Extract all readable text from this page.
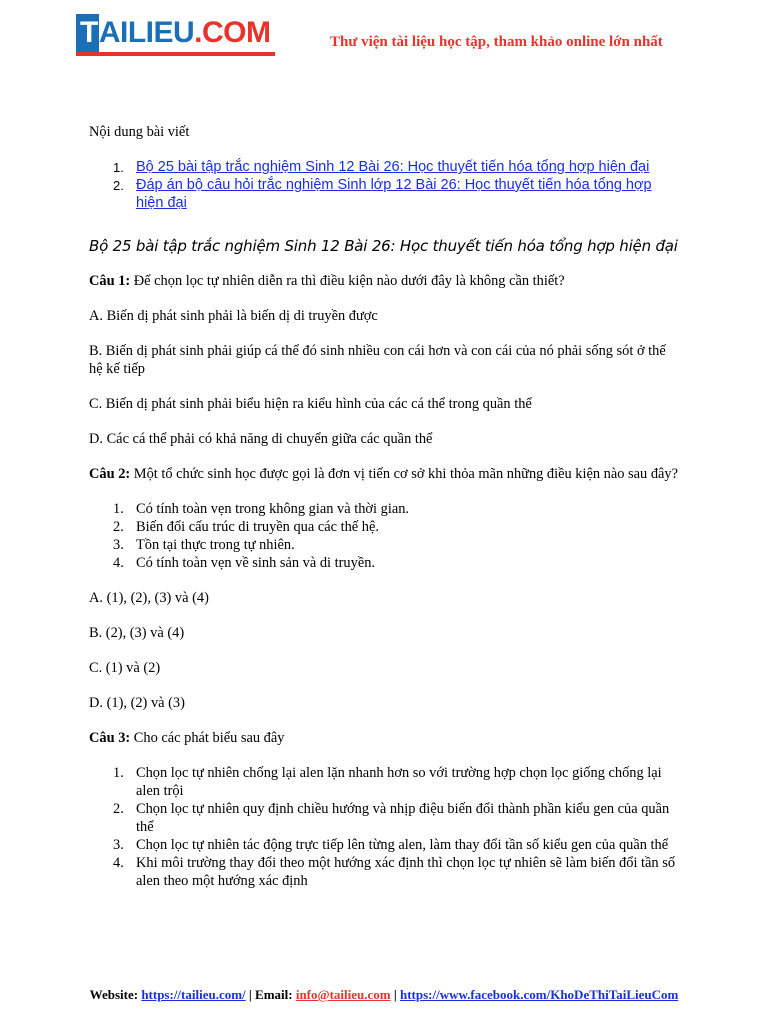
T AILIEU.COM	Thư viện tài liệu học tập, tham khảo online lớn nhất

Nội dung bài viết

1. Bộ 25 bài tập trắc nghiệm Sinh 12 Bài 26: Học thuyết tiến hóa tổng hợp hiện đại
2. Đáp án bộ câu hỏi trắc nghiệm Sinh lớp 12 Bài 26: Học thuyết tiến hóa tổng hợp hiện đại

Bộ 25 bài tập trắc nghiệm Sinh 12 Bài 26: Học thuyết tiến hóa tổng hợp hiện đại

Câu 1: Để chọn lọc tự nhiên diễn ra thì điều kiện nào dưới đây là không cần thiết?

A. Biến dị phát sinh phải là biến dị di truyền được

B. Biến dị phát sinh phải giúp cá thể đó sinh nhiều con cái hơn và con cái của nó phải sống sót ở thế hệ kế tiếp

C. Biến dị phát sinh phải biểu hiện ra kiểu hình của các cá thể trong quần thể

D. Các cá thể phải có khả năng di chuyển giữa các quần thể

Câu 2: Một tổ chức sinh học được gọi là đơn vị tiến cơ sở khi thỏa mãn những điều kiện nào sau đây?

1. Có tính toàn vẹn trong không gian và thời gian.
2. Biến đổi cấu trúc di truyền qua các thế hệ.
3. Tồn tại thực trong tự nhiên.
4. Có tính toàn vẹn về sinh sản và di truyền.

A. (1), (2), (3) và (4)

B. (2), (3) và (4)

C. (1) và (2)

D. (1), (2) và (3)

Câu 3: Cho các phát biểu sau đây

1. Chọn lọc tự nhiên chống lại alen lặn nhanh hơn so với trường hợp chọn lọc giống chống lại alen trội
2. Chọn lọc tự nhiên quy định chiều hướng và nhịp điệu biến đổi thành phần kiểu gen của quần thể
3. Chọn lọc tự nhiên tác động trực tiếp lên từng alen, làm thay đổi tần số kiểu gen của quần thể
4. Khi môi trường thay đổi theo một hướng xác định thì chọn lọc tự nhiên sẽ làm biến đổi tần số alen theo một hướng xác định
Website: https://tailieu.com/ | Email: info@tailieu.com | https://www.facebook.com/KhoDeThiTaiLieuCom
